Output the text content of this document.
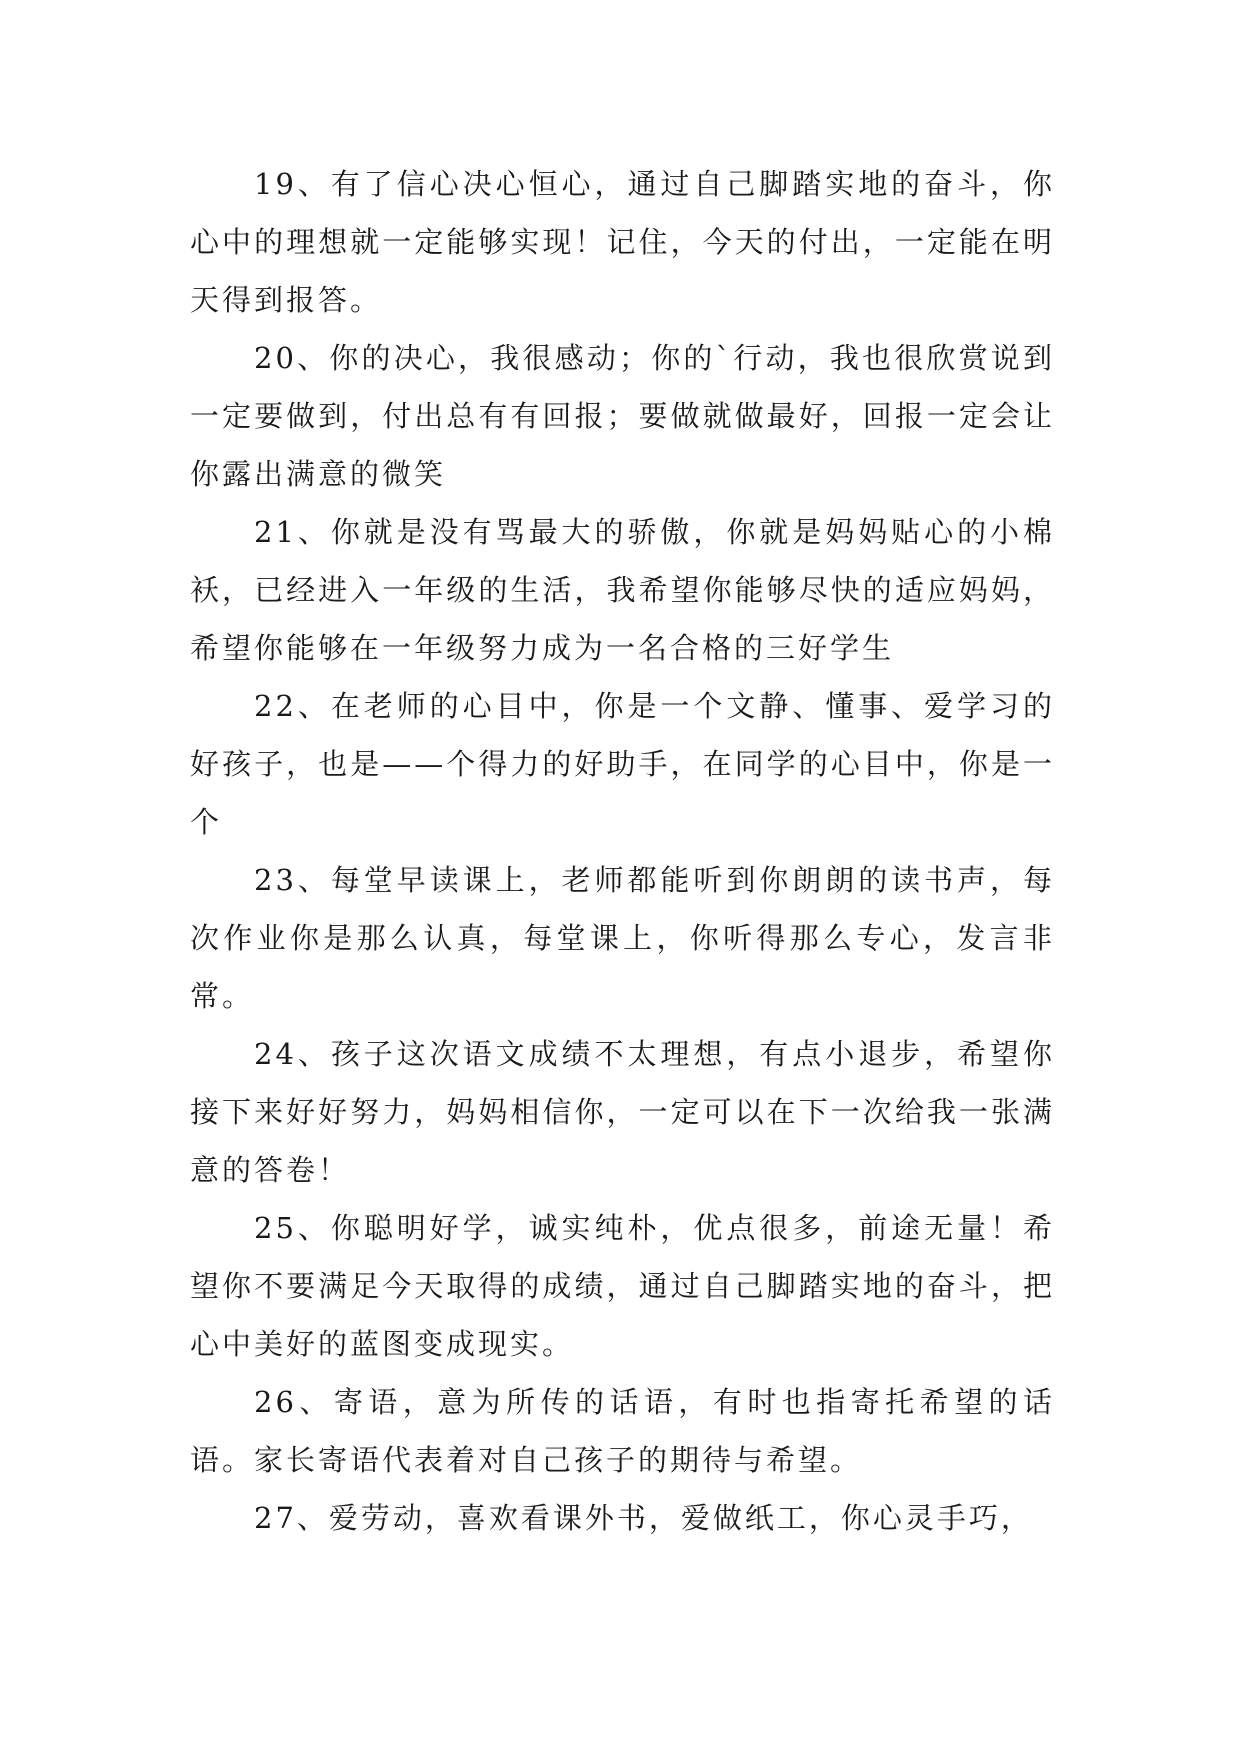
19、有了信心决心恒心，通过自己脚踏实地的奋斗，你心中的理想就一定能够实现！记住，今天的付出，一定能在明天得到报答。

20、你的决心，我很感动；你的`行动，我也很欣赏说到一定要做到，付出总有有回报；要做就做最好，回报一定会让你露出满意的微笑

21、你就是没有骂最大的骄傲，你就是妈妈贴心的小棉袄，已经进入一年级的生活，我希望你能够尽快的适应妈妈，希望你能够在一年级努力成为一名合格的三好学生

22、在老师的心目中，你是一个文静、懂事、爱学习的好孩子，也是——个得力的好助手，在同学的心目中，你是一个

23、每堂早读课上，老师都能听到你朗朗的读书声，每次作业你是那么认真，每堂课上，你听得那么专心，发言非常。

24、孩子这次语文成绩不太理想，有点小退步，希望你接下来好好努力，妈妈相信你，一定可以在下一次给我一张满意的答卷！

25、你聪明好学，诚实纯朴，优点很多，前途无量！希望你不要满足今天取得的成绩，通过自己脚踏实地的奋斗，把心中美好的蓝图变成现实。

26、寄语，意为所传的话语，有时也指寄托希望的话语。家长寄语代表着对自己孩子的期待与希望。

27、爱劳动，喜欢看课外书，爱做纸工，你心灵手巧，
